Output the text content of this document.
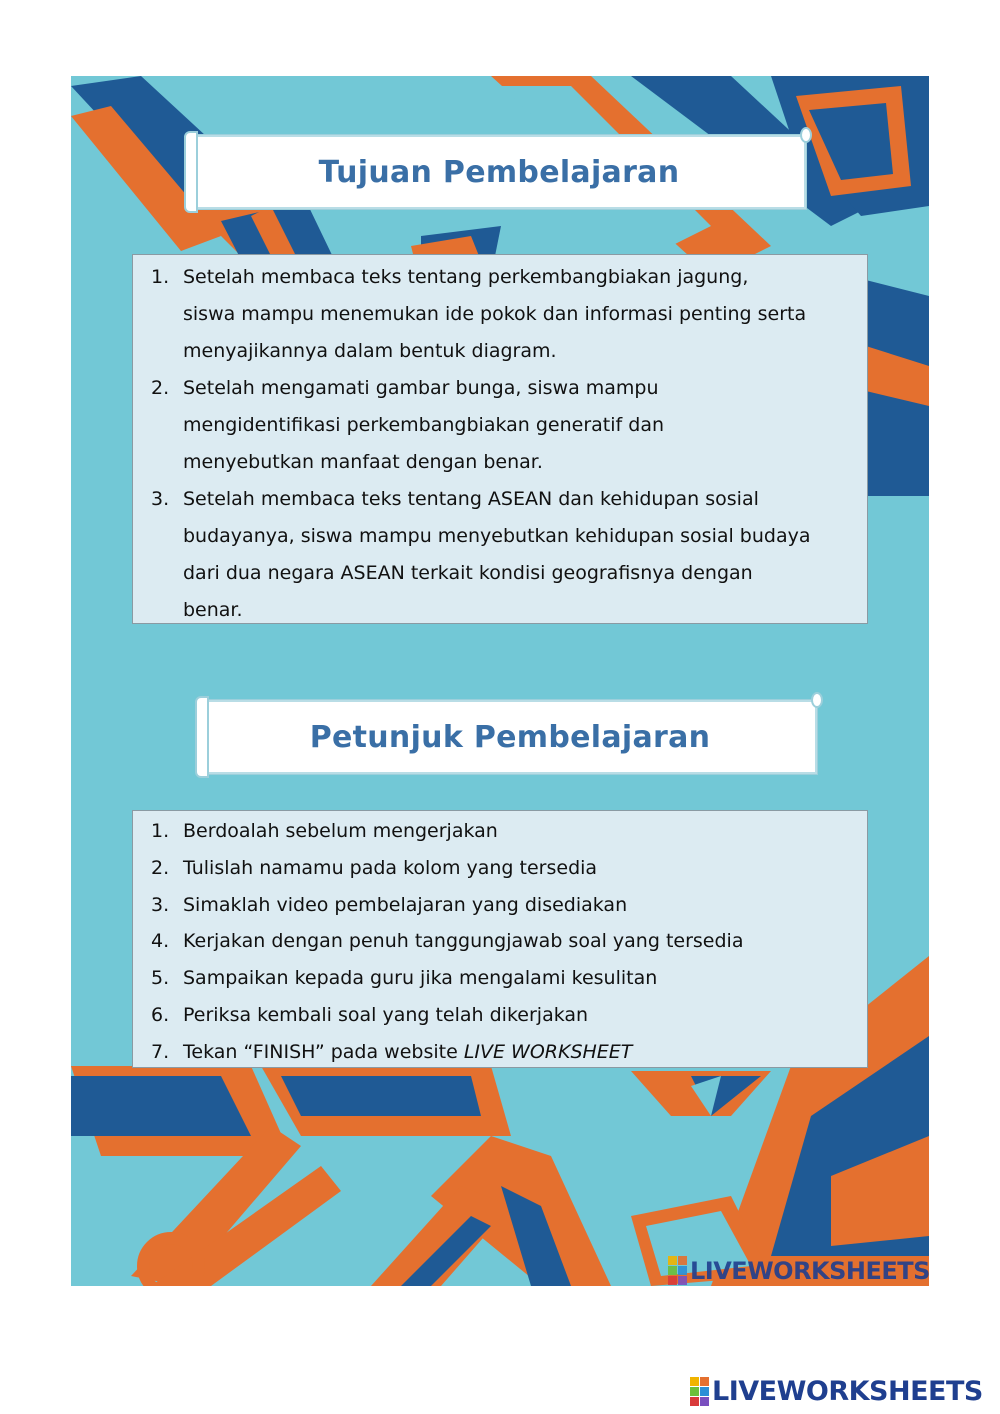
Tujuan Pembelajaran
1. Setelah membaca teks tentang perkembangbiakan jagung,
siswa mampu menemukan ide pokok dan informasi penting serta
menyajikannya dalam bentuk diagram.
2. Setelah mengamati gambar bunga, siswa mampu
mengidentifikasi perkembangbiakan generatif dan
menyebutkan manfaat dengan benar.
3. Setelah membaca teks tentang ASEAN dan kehidupan sosial
budayanya, siswa mampu menyebutkan kehidupan sosial budaya
dari dua negara ASEAN terkait kondisi geografisnya dengan
benar.
Petunjuk Pembelajaran
1. Berdoalah sebelum mengerjakan
2. Tulislah namamu pada kolom yang tersedia
3. Simaklah video pembelajaran yang disediakan
4. Kerjakan dengan penuh tanggungjawab soal yang tersedia
5. Sampaikan kepada guru jika mengalami kesulitan
6. Periksa kembali soal yang telah dikerjakan
7. Tekan “FINISH” pada website LIVE WORKSHEET
LIVEWORKSHEETS
LIVEWORKSHEETS
